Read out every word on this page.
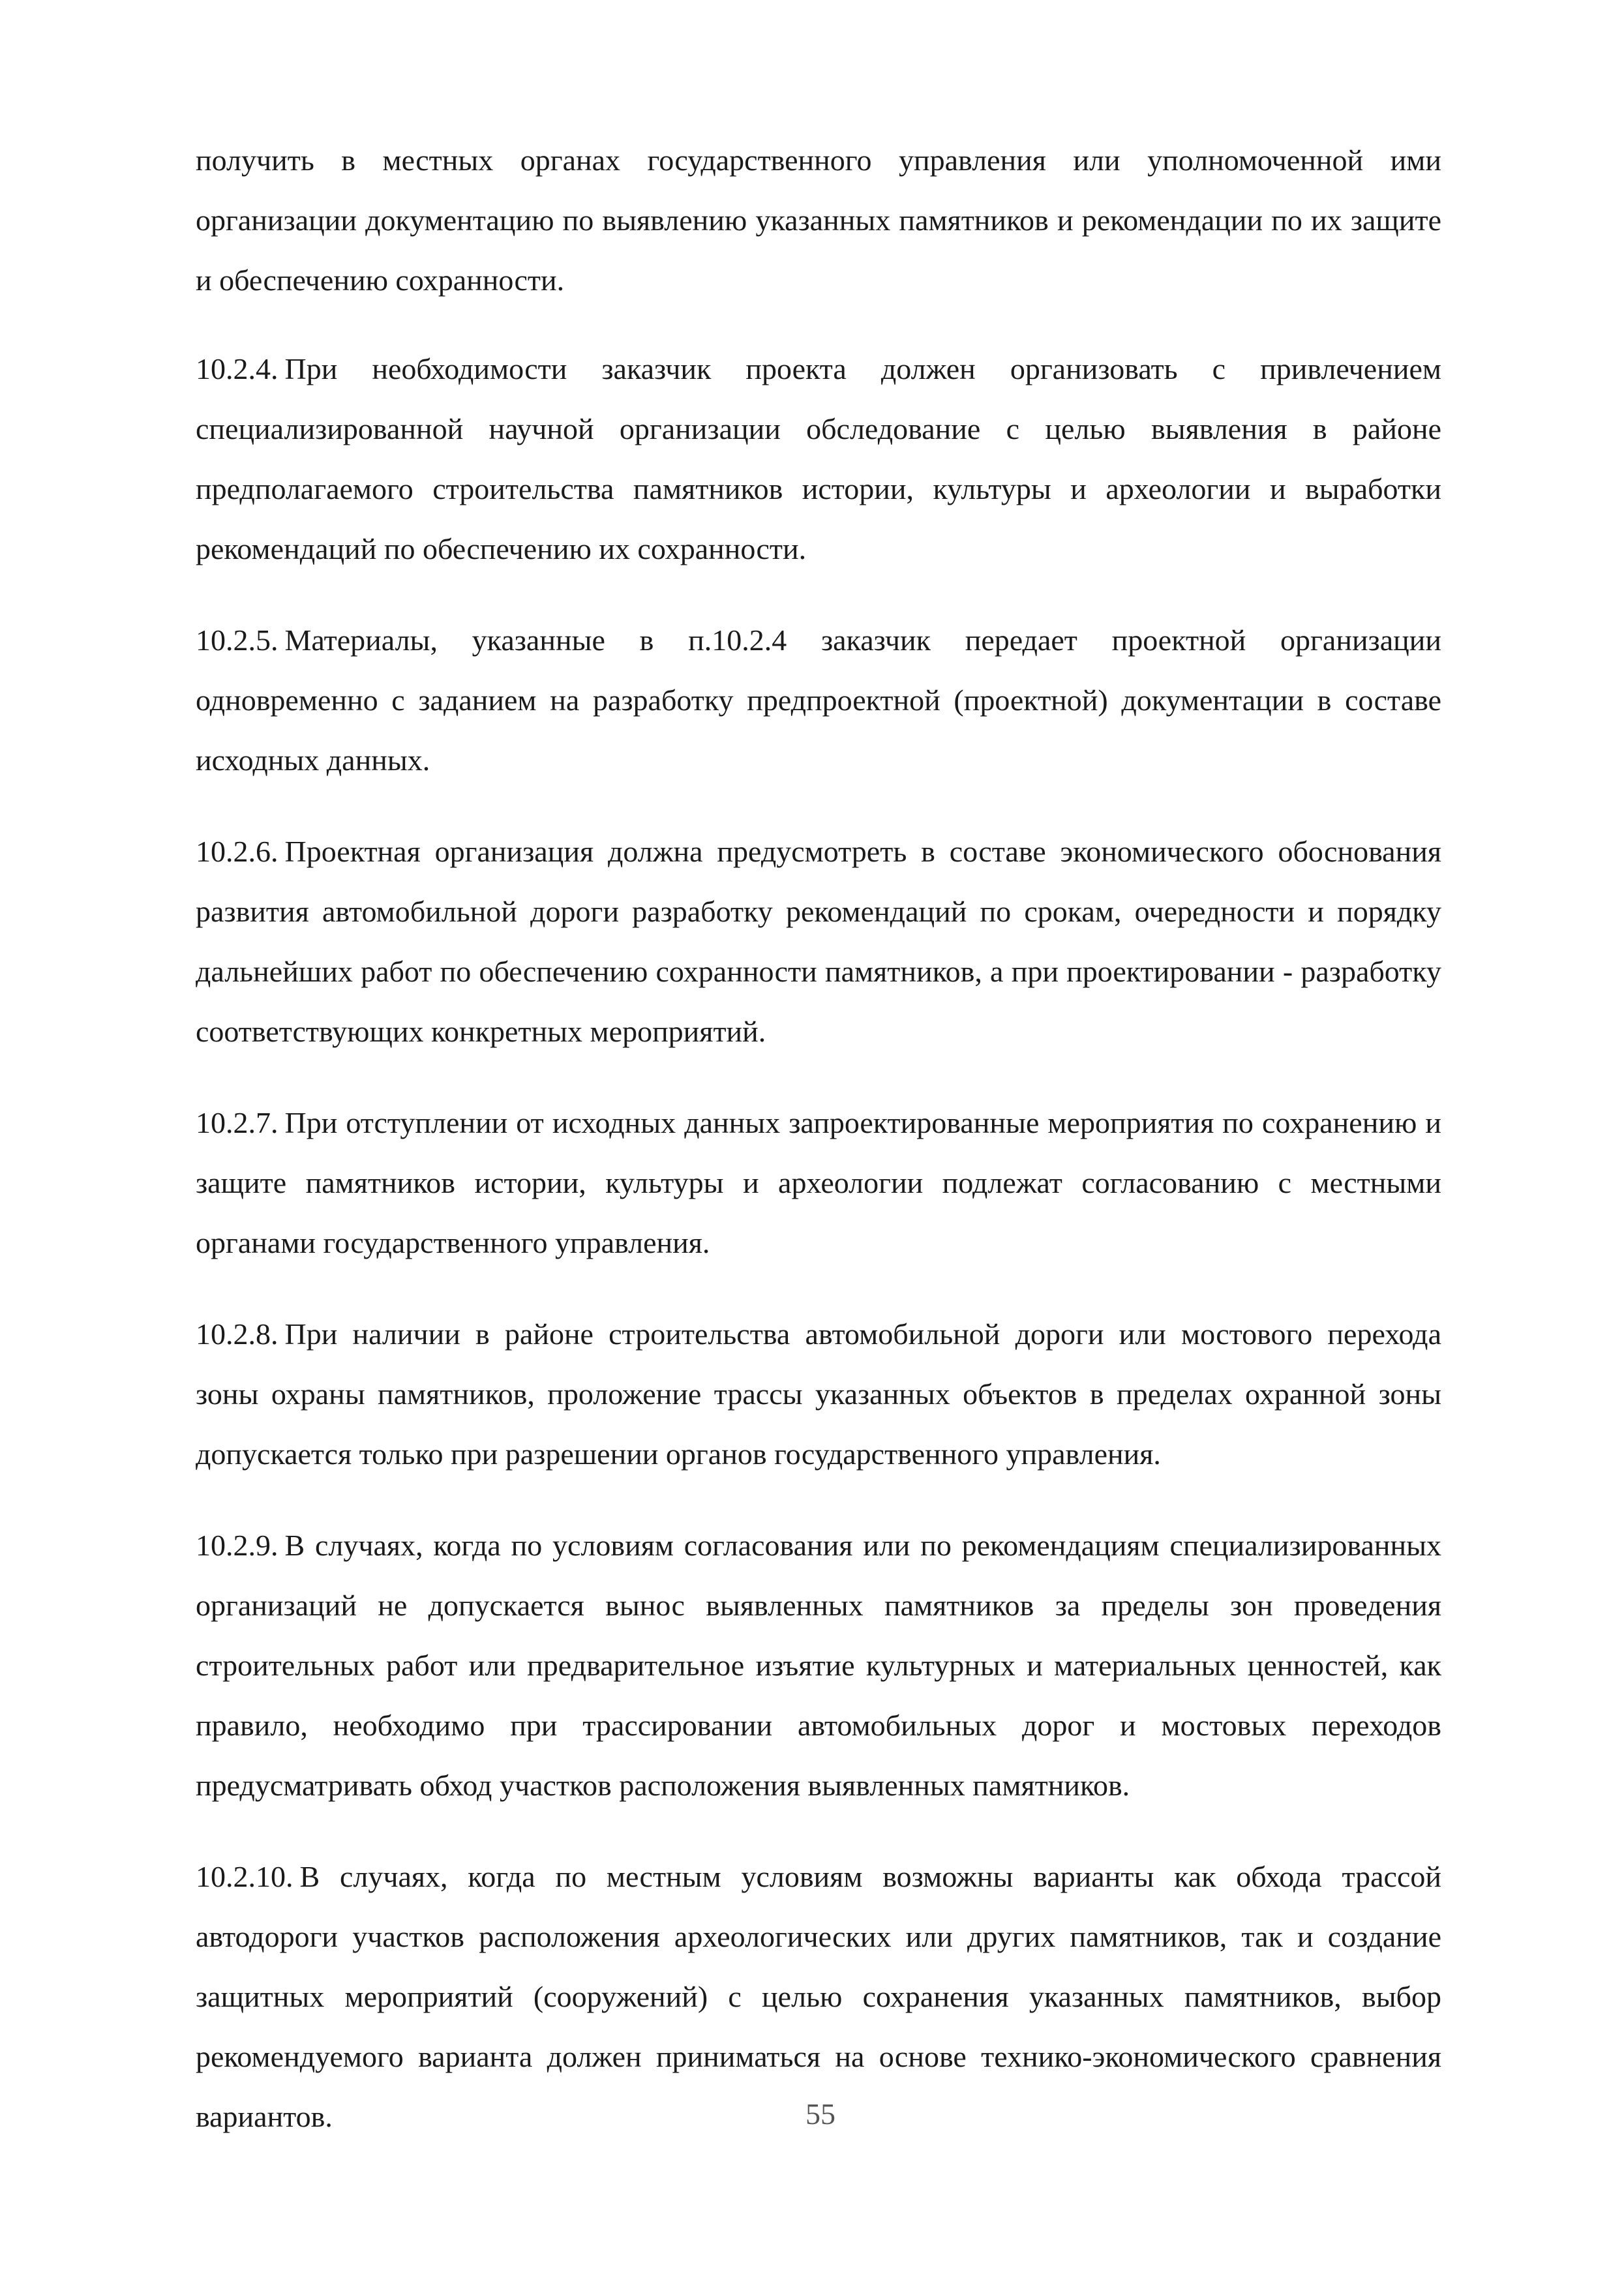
получить в местных органах государственного управления или уполномоченной ими организации документацию по выявлению указанных памятников и рекомендации по их защите и обеспечению сохранности.

10.2.4. При необходимости заказчик проекта должен организовать с привлечением специализированной научной организации обследование с целью выявления в районе предполагаемого строительства памятников истории, культуры и археологии и выработки рекомендаций по обеспечению их сохранности.

10.2.5. Материалы, указанные в п.10.2.4 заказчик передает проектной организации одновременно с заданием на разработку предпроектной (проектной) документации в составе исходных данных.

10.2.6. Проектная организация должна предусмотреть в составе экономического обоснования развития автомобильной дороги разработку рекомендаций по срокам, очередности и порядку дальнейших работ по обеспечению сохранности памятников, а при проектировании - разработку соответствующих конкретных мероприятий.

10.2.7. При отступлении от исходных данных запроектированные мероприятия по сохранению и защите памятников истории, культуры и археологии подлежат согласованию с местными органами государственного управления.

10.2.8. При наличии в районе строительства автомобильной дороги или мостового перехода зоны охраны памятников, проложение трассы указанных объектов в пределах охранной зоны допускается только при разрешении органов государственного управления.

10.2.9. В случаях, когда по условиям согласования или по рекомендациям специализированных организаций не допускается вынос выявленных памятников за пределы зон проведения строительных работ или предварительное изъятие культурных и материальных ценностей, как правило, необходимо при трассировании автомобильных дорог и мостовых переходов предусматривать обход участков расположения выявленных памятников.

10.2.10. В случаях, когда по местным условиям возможны варианты как обхода трассой автодороги участков расположения археологических или других памятников, так и создание защитных мероприятий (сооружений) с целью сохранения указанных памятников, выбор рекомендуемого варианта должен приниматься на основе технико-экономического сравнения вариантов.	55
